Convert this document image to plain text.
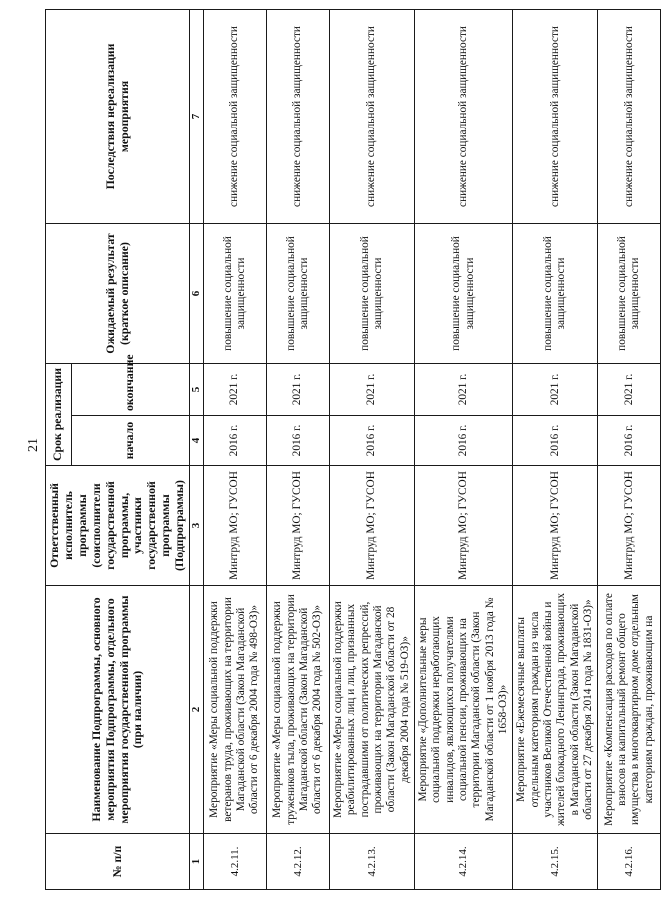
21
№ п/п	Наименование Подпрограммы, основного мероприятия Подпрограммы, отдельного мероприятия государственной программы (при наличии)	Ответственный исполнитель программы (соисполнители государственной программы, участники государственной программы (Подпрограммы)	Срок реализации		Ожидаемый результат (краткое описание)	Последствия нереализации мероприятия
			начало	окончание		
1	2	3	4	5	6	7
4.2.11.	Мероприятие «Меры социальной поддержки ветеранов труда, проживающих на территории Магаданской области (Закон Магаданской области от 6 декабря 2004 года № 498-ОЗ)»	Минтруд МО; ГУСОН	2016 г.	2021 г.	повышение социальной защищенности	снижение социальной защищенности
4.2.12.	Мероприятие «Меры социальной поддержки тружеников тыла, проживающих на территории Магаданской области (Закон Магаданской области от 6 декабря 2004 года № 502-ОЗ)»	Минтруд МО; ГУСОН	2016 г.	2021 г.	повышение социальной защищенности	снижение социальной защищенности
4.2.13.	Мероприятие «Меры социальной поддержки реабилитированных лиц и лиц, признанных пострадавшими от политических репрессий, проживающих на территории Магаданской области (Закон Магаданской области от 28 декабря 2004 года № 519-ОЗ)»	Минтруд МО; ГУСОН	2016 г.	2021 г.	повышение социальной защищенности	снижение социальной защищенности
4.2.14.	Мероприятие «Дополнительные меры социальной поддержки неработающих инвалидов, являющихся получателями социальной пенсии, проживающих на территории Магаданской области (Закон Магаданской области от 1 ноября 2013 года № 1658-ОЗ)»	Минтруд МО; ГУСОН	2016 г.	2021 г.	повышение социальной защищенности	снижение социальной защищенности
4.2.15.	Мероприятие «Ежемесячные выплаты отдельным категориям граждан из числа участников Великой Отечественной войны и жителей блокадного Ленинграда, проживающих в Магаданской области (Закон Магаданской области от 27 декабря 2014 года № 1831-ОЗ)»	Минтруд МО; ГУСОН	2016 г.	2021 г.	повышение социальной защищенности	снижение социальной защищенности
4.2.16.	Мероприятие «Компенсация расходов по оплате взносов на капитальный ремонт общего имущества в многоквартирном доме отдельным категориям граждан, проживающим на	Минтруд МО; ГУСОН	2016 г.	2021 г.	повышение социальной защищенности	снижение социальной защищенности
